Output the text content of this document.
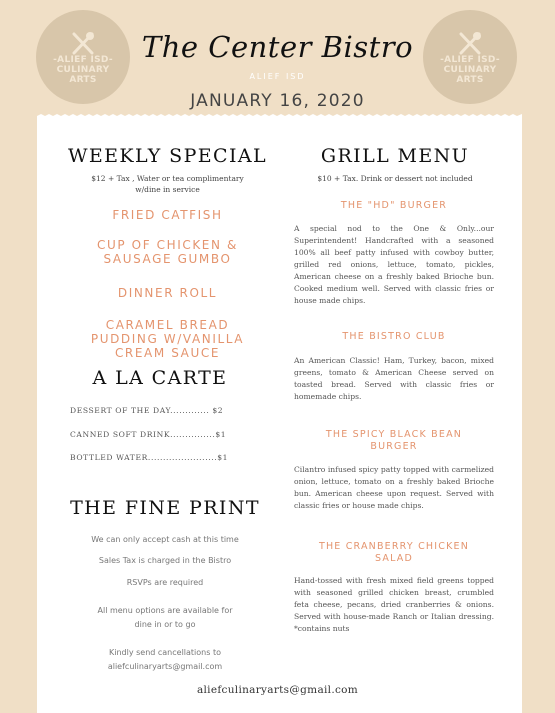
-ALIEF ISD-
CULINARY
ARTS
-ALIEF ISD-
CULINARY
ARTS
The Center Bistro
ALIEF ISD
JANUARY 16, 2020
WEEKLY SPECIAL
$12 + Tax , Water or tea complimentary
w/dine in service
FRIED CATFISH
CUP OF CHICKEN &
SAUSAGE GUMBO
DINNER ROLL
CARAMEL BREAD
PUDDING W/VANILLA
CREAM SAUCE
A LA CARTE
DESSERT OF THE DAY............. $2
CANNED SOFT DRINK...............$1
BOTTLED WATER.......................$1
THE FINE PRINT
We can only accept cash at this time
Sales Tax is charged in the Bistro
RSVPs are required
All menu options are available for
dine in or to go
Kindly send cancellations to
aliefculinaryarts@gmail.com
GRILL MENU
$10 + Tax. Drink or dessert not included
THE "HD" BURGER
A special nod to the One & Only...our Superintendent! Handcrafted with a seasoned 100% all beef patty infused with cowboy butter, grilled red onions, lettuce, tomato, pickles, American cheese on a freshly baked Brioche bun. Cooked medium well. Served with classic fries or house made chips.
THE BISTRO CLUB
An American Classic! Ham, Turkey, bacon, mixed greens, tomato & American Cheese served on toasted bread. Served with classic fries or homemade chips.
THE SPICY BLACK BEAN
BURGER
Cilantro infused spicy patty topped with carmelized onion, lettuce, tomato on a freshly baked Brioche bun. American cheese upon request. Served with classic fries or house made chips.
THE CRANBERRY CHICKEN
SALAD
Hand-tossed with fresh mixed field greens topped with seasoned grilled chicken breast, crumbled feta cheese, pecans, dried cranberries & onions. Served with house-made Ranch or Italian dressing. *contains nuts
aliefculinaryarts@gmail.com
